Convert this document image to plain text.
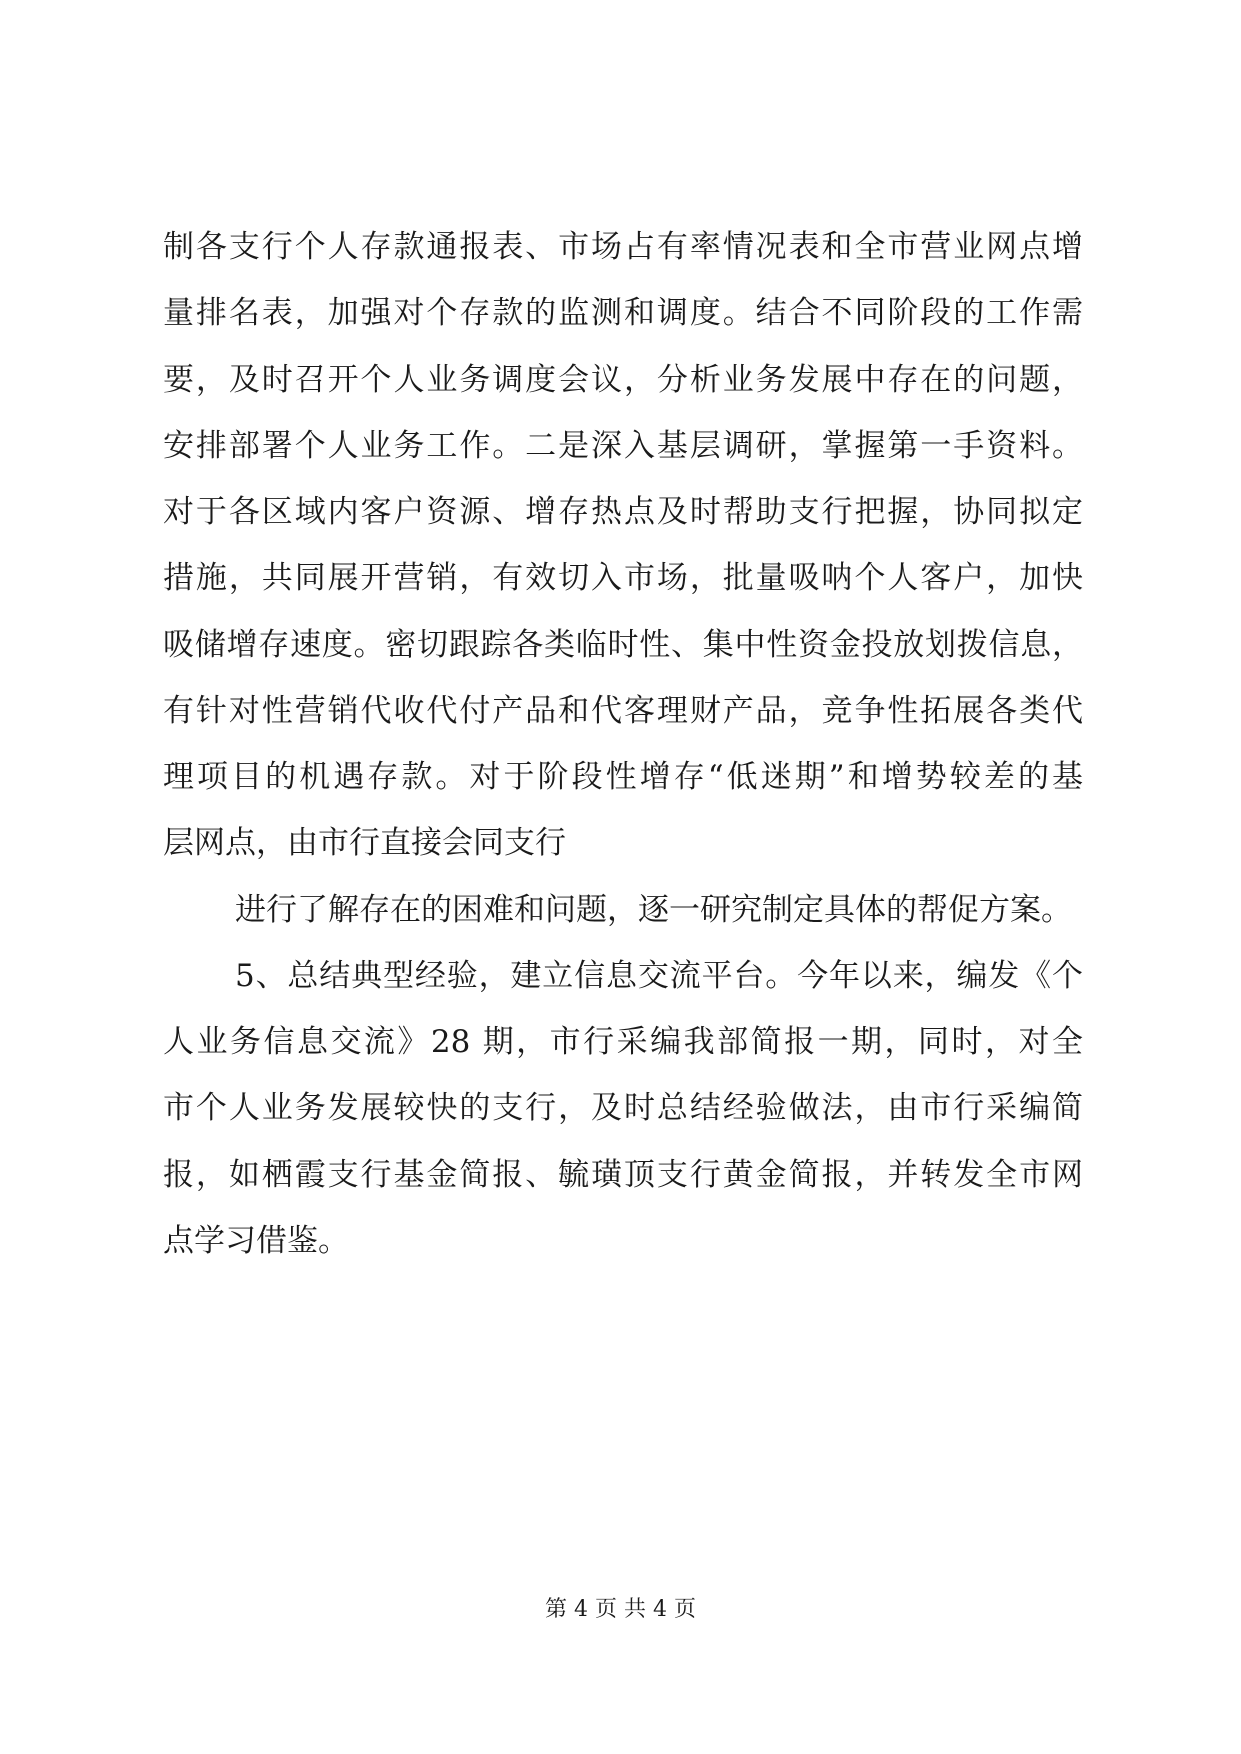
制各支行个人存款通报表、市场占有率情况表和全市营业网点增
量排名表，加强对个存款的监测和调度。结合不同阶段的工作需
要，及时召开个人业务调度会议，分析业务发展中存在的问题，
安排部署个人业务工作。二是深入基层调研，掌握第一手资料。
对于各区域内客户资源、增存热点及时帮助支行把握，协同拟定
措施，共同展开营销，有效切入市场，批量吸呐个人客户，加快
吸储增存速度。密切跟踪各类临时性、集中性资金投放划拨信息，
有针对性营销代收代付产品和代客理财产品，竞争性拓展各类代
理项目的机遇存款。对于阶段性增存“低迷期”和增势较差的基
层网点，由市行直接会同支行
进行了解存在的困难和问题，逐一研究制定具体的帮促方案。
5、总结典型经验，建立信息交流平台。今年以来，编发《个
人业务信息交流》28 期，市行采编我部简报一期，同时，对全
市个人业务发展较快的支行，及时总结经验做法，由市行采编简
报，如栖霞支行基金简报、毓璜顶支行黄金简报，并转发全市网
点学习借鉴。
第 4 页 共 4 页
